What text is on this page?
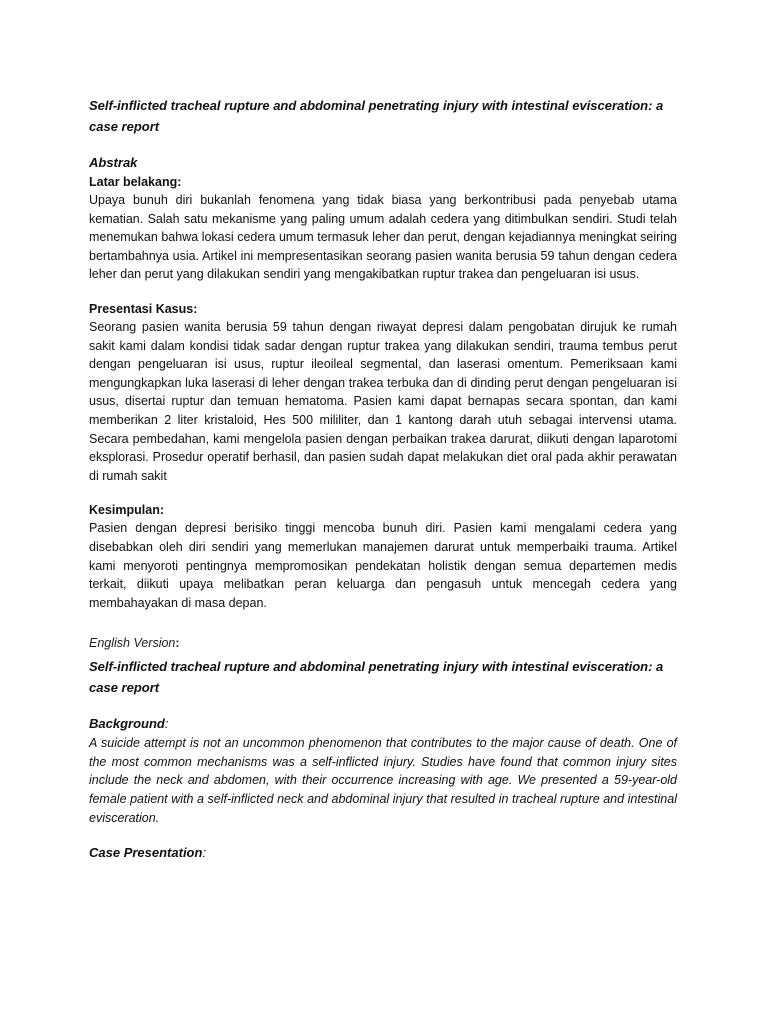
Self-inflicted tracheal rupture and abdominal penetrating injury with intestinal evisceration: a case report

Abstrak

Latar belakang:

Upaya bunuh diri bukanlah fenomena yang tidak biasa yang berkontribusi pada penyebab utama kematian. Salah satu mekanisme yang paling umum adalah cedera yang ditimbulkan sendiri. Studi telah menemukan bahwa lokasi cedera umum termasuk leher dan perut, dengan kejadiannya meningkat seiring bertambahnya usia. Artikel ini mempresentasikan seorang pasien wanita berusia 59 tahun dengan cedera leher dan perut yang dilakukan sendiri yang mengakibatkan ruptur trakea dan pengeluaran isi usus.

Presentasi Kasus:

Seorang pasien wanita berusia 59 tahun dengan riwayat depresi dalam pengobatan dirujuk ke rumah sakit kami dalam kondisi tidak sadar dengan ruptur trakea yang dilakukan sendiri, trauma tembus perut dengan pengeluaran isi usus, ruptur ileoileal segmental, dan laserasi omentum. Pemeriksaan kami mengungkapkan luka laserasi di leher dengan trakea terbuka dan di dinding perut dengan pengeluaran isi usus, disertai ruptur dan temuan hematoma. Pasien kami dapat bernapas secara spontan, dan kami memberikan 2 liter kristaloid, Hes 500 mililiter, dan 1 kantong darah utuh sebagai intervensi utama. Secara pembedahan, kami mengelola pasien dengan perbaikan trakea darurat, diikuti dengan laparotomi eksplorasi. Prosedur operatif berhasil, dan pasien sudah dapat melakukan diet oral pada akhir perawatan di rumah sakit

Kesimpulan:

Pasien dengan depresi berisiko tinggi mencoba bunuh diri. Pasien kami mengalami cedera yang disebabkan oleh diri sendiri yang memerlukan manajemen darurat untuk memperbaiki trauma. Artikel kami menyoroti pentingnya mempromosikan pendekatan holistik dengan semua departemen medis terkait, diikuti upaya melibatkan peran keluarga dan pengasuh untuk mencegah cedera yang membahayakan di masa depan.

English Version:

Self-inflicted tracheal rupture and abdominal penetrating injury with intestinal evisceration: a case report

Background:

A suicide attempt is not an uncommon phenomenon that contributes to the major cause of death. One of the most common mechanisms was a self-inflicted injury. Studies have found that common injury sites include the neck and abdomen, with their occurrence increasing with age. We presented a 59-year-old female patient with a self-inflicted neck and abdominal injury that resulted in tracheal rupture and intestinal evisceration.

Case Presentation:
